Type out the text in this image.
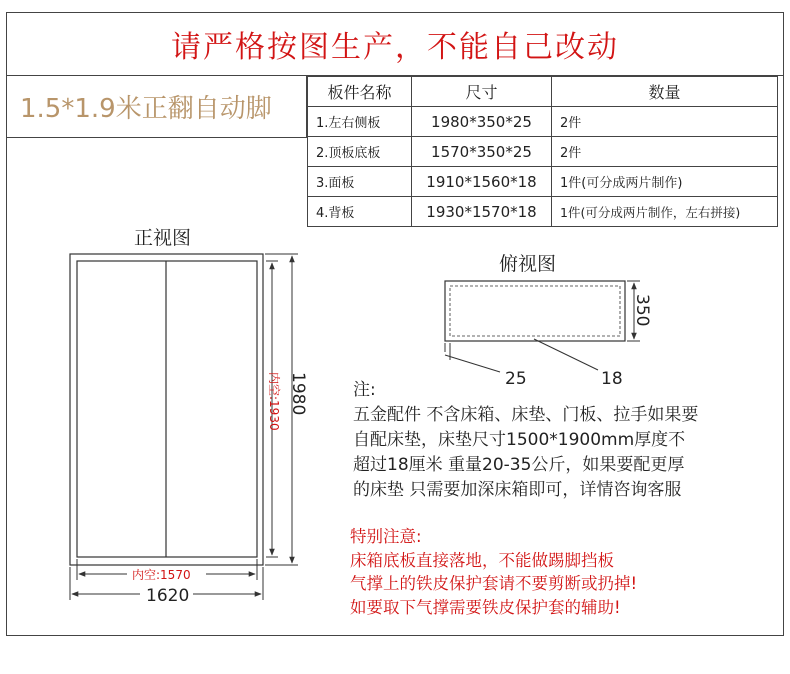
请严格按图生产，不能自己改动
1.5*1.9米正翻自动脚
板件名称	尺寸	数量
1.左右侧板	1980*350*25	2件
2.顶板底板	1570*350*25	2件
3.面板	1910*1560*18	1件(可分成两片制作)
4.背板	1930*1570*18	1件(可分成两片制作，左右拼接)
正视图
1980
内空:1930
内空:1570
1620
350
25	18
俯视图
注:
五金配件 不含床箱、床垫、门板、拉手如果要
自配床垫，床垫尺寸1500*1900mm厚度不
超过18厘米 重量20-35公斤，如果要配更厚
的床垫 只需要加深床箱即可，详情咨询客服
特别注意:
床箱底板直接落地，不能做踢脚挡板
气撑上的铁皮保护套请不要剪断或扔掉!
如要取下气撑需要铁皮保护套的辅助!
